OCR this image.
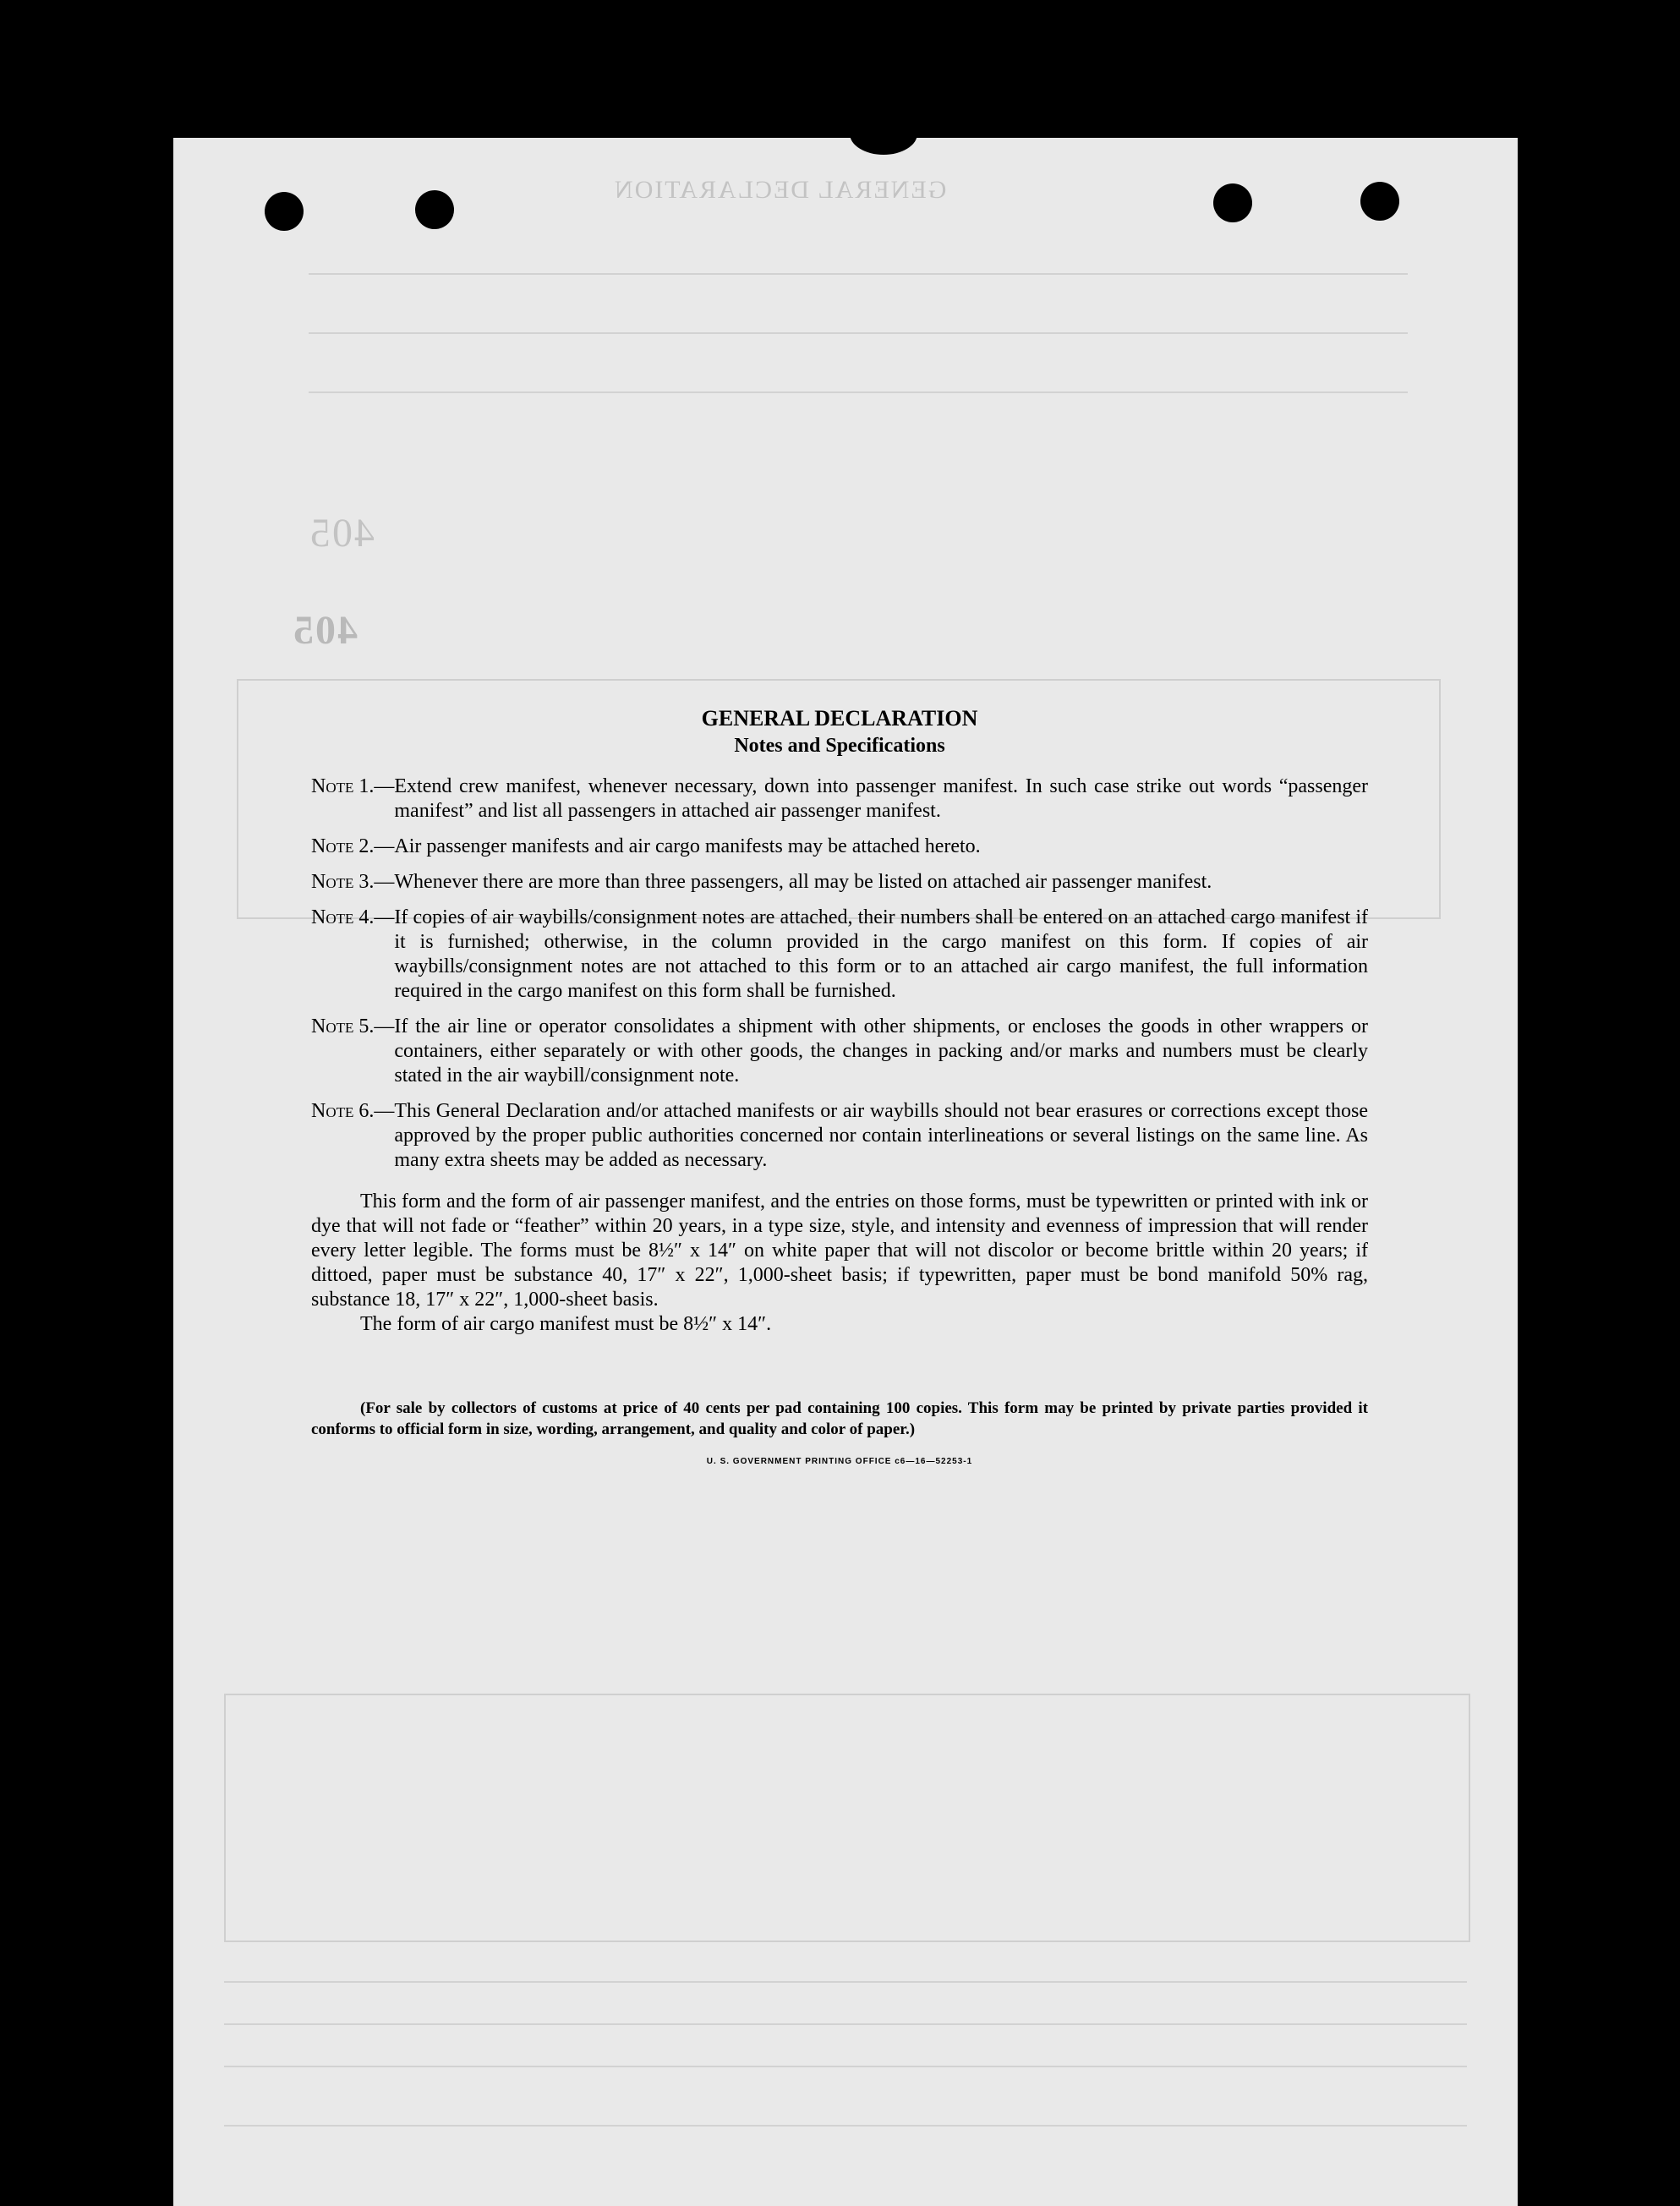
GENERAL DECLARATION
405
405
GENERAL DECLARATION
Notes and Specifications
Note 1.— Extend crew manifest, whenever necessary, down into passenger manifest. In such case strike out words “passenger manifest” and list all passengers in attached air passenger manifest.
Note 2.— Air passenger manifests and air cargo manifests may be attached hereto.
Note 3.— Whenever there are more than three passengers, all may be listed on attached air passenger manifest.
Note 4.— If copies of air waybills/consignment notes are attached, their numbers shall be entered on an attached cargo manifest if it is furnished; otherwise, in the column provided in the cargo manifest on this form. If copies of air waybills/consignment notes are not attached to this form or to an attached air cargo manifest, the full information required in the cargo manifest on this form shall be furnished.
Note 5.— If the air line or operator consolidates a shipment with other shipments, or encloses the goods in other wrappers or containers, either separately or with other goods, the changes in packing and/or marks and numbers must be clearly stated in the air waybill/consignment note.
Note 6.— This General Declaration and/or attached manifests or air waybills should not bear erasures or corrections except those approved by the proper public authorities concerned nor contain interlineations or several listings on the same line. As many extra sheets may be added as necessary.
This form and the form of air passenger manifest, and the entries on those forms, must be typewritten or printed with ink or dye that will not fade or “feather” within 20 years, in a type size, style, and intensity and evenness of impression that will render every letter legible. The forms must be 8½″ x 14″ on white paper that will not discolor or become brittle within 20 years; if dittoed, paper must be substance 40, 17″ x 22″, 1,000-sheet basis; if typewritten, paper must be bond manifold 50% rag, substance 18, 17″ x 22″, 1,000-sheet basis.
The form of air cargo manifest must be 8½″ x 14″.
(For sale by collectors of customs at price of 40 cents per pad containing 100 copies. This form may be printed by private parties provided it conforms to official form in size, wording, arrangement, and quality and color of paper.)
U. S. GOVERNMENT PRINTING OFFICE c6—16—52253-1
